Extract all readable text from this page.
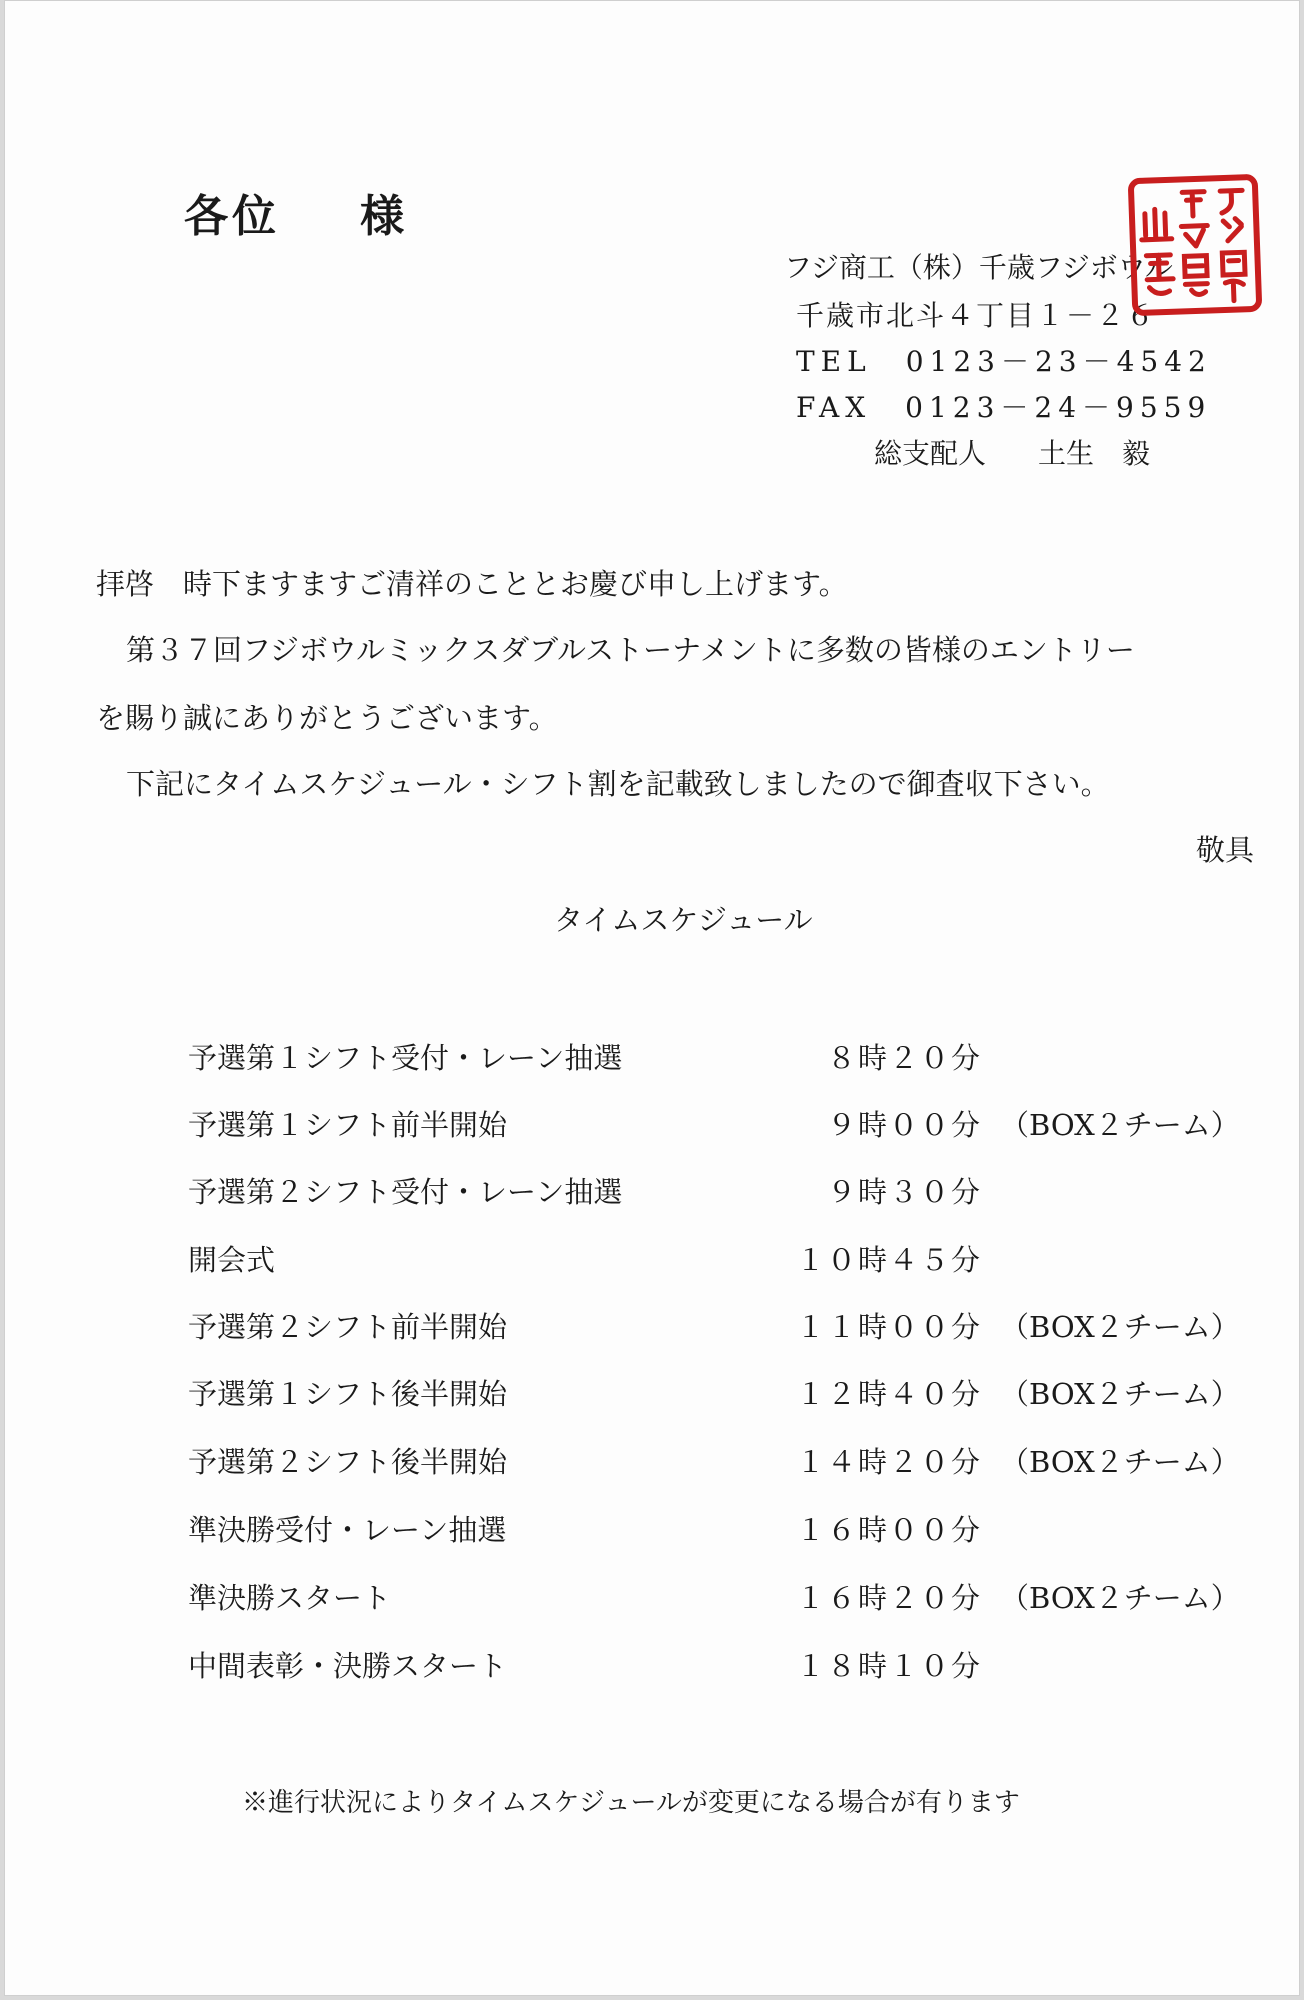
各位 様
フジ商工（株）千歳フジボウル
千歳市北斗４丁目１－２６
TEL　0123－23－4542
FAX　0123－24－9559
総支配人 土生　毅
拝啓　時下ますますご清祥のこととお慶び申し上げます。
第３７回フジボウルミックスダブルストーナメントに多数の皆様のエントリー
を賜り誠にありがとうございます。
下記にタイムスケジュール・シフト割を記載致しましたので御査収下さい。
敬具
タイムスケジュール
予選第１シフト受付・レーン抽選	８時２０分
予選第１シフト前半開始	９時００分 （BOX２チーム）
予選第２シフト受付・レーン抽選	９時３０分
開会式	１０時４５分
予選第２シフト前半開始	１１時００分 （BOX２チーム）
予選第１シフト後半開始	１２時４０分 （BOX２チーム）
予選第２シフト後半開始	１４時２０分 （BOX２チーム）
準決勝受付・レーン抽選	１６時００分
準決勝スタート	１６時２０分 （BOX２チーム）
中間表彰・決勝スタート	１８時１０分
※進行状況によりタイムスケジュールが変更になる場合が有ります
